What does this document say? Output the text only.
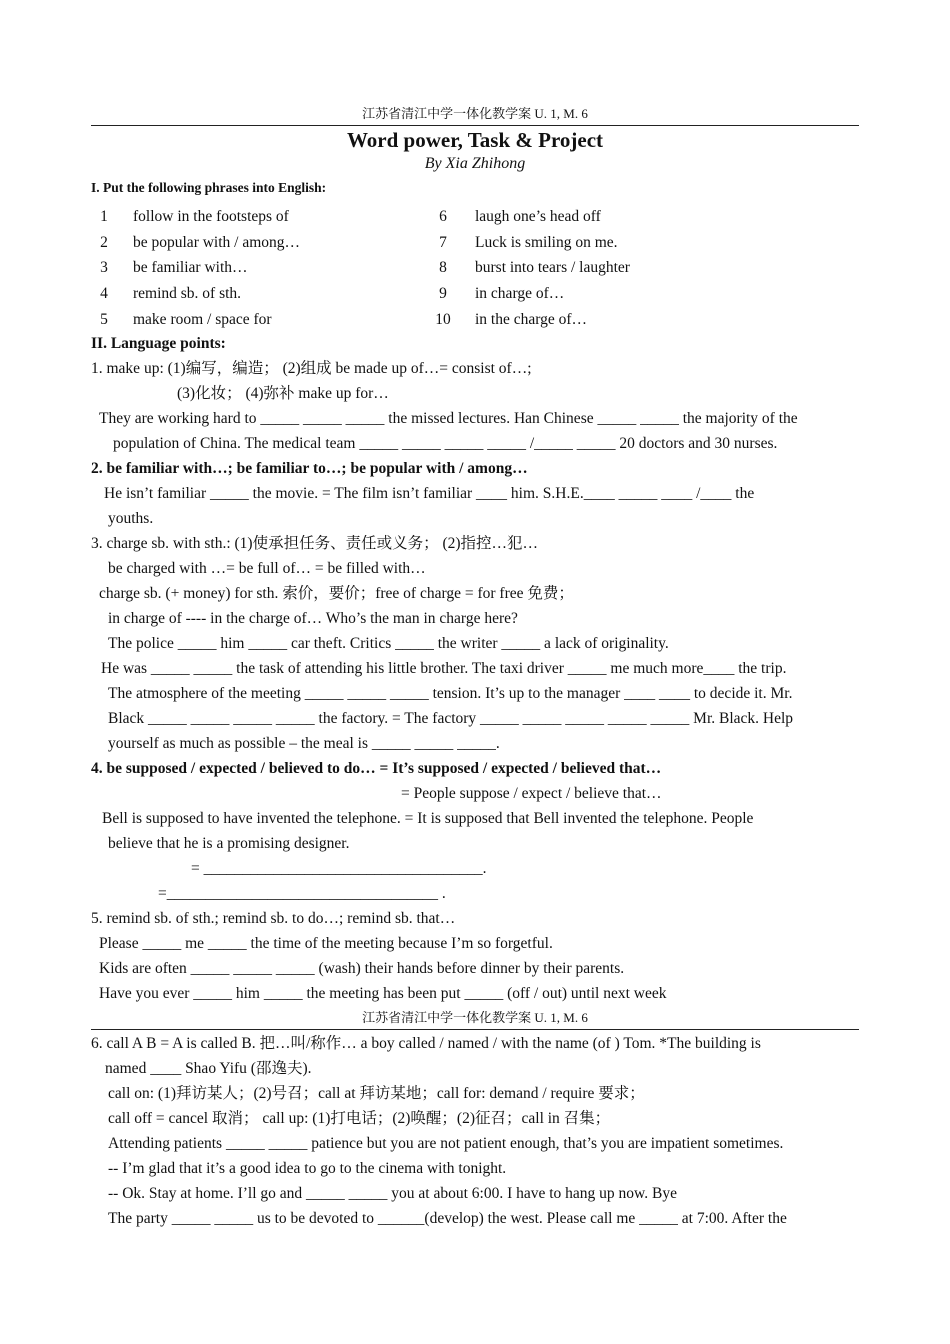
江苏省清江中学一体化教学案 U. 1, M. 6
Word power, Task & Project
By Xia Zhihong
I. Put the following phrases into English:
1	follow in the footsteps of	6	laugh one’s head off
2	be popular with / among…	7	Luck is smiling on me.
3	be familiar with…	8	burst into tears / laughter
4	remind sb. of sth.	9	in charge of…
5	make room / space for	10	in the charge of…
II. Language points:
1. make up: (1)编写，编造； (2)组成 be made up of…= consist of…;
(3)化妆； (4)弥补 make up for…
They are working hard to _____ _____ _____ the missed lectures. Han Chinese _____ _____ the majority of the
population of China. The medical team _____ _____ _____ _____ /_____ _____ 20 doctors and 30 nurses.
2. be familiar with…; be familiar to…; be popular with / among…
He isn’t familiar _____ the movie. = The film isn’t familiar ____ him. S.H.E.____ _____ ____ /____ the
youths.
3. charge sb. with sth.: (1)使承担任务、责任或义务； (2)指控…犯…
be charged with …= be full of… = be filled with…
charge sb. (+ money) for sth. 索价，要价；free of charge = for free 免费；
in charge of ---- in the charge of… Who’s the man in charge here?
The police _____ him _____ car theft. Critics _____ the writer _____ a lack of originality.
He was _____ _____ the task of attending his little brother. The taxi driver _____ me much more____ the trip.
The atmosphere of the meeting _____ _____ _____ tension. It’s up to the manager ____ ____ to decide it. Mr.
Black _____ _____ _____ _____ the factory. = The factory _____ _____ _____ _____ _____ Mr. Black. Help
yourself as much as possible – the meal is _____ _____ _____.
4. be supposed / expected / believed to do… = It’s supposed / expected / believed that…
= People suppose / expect / believe that…
Bell is supposed to have invented the telephone. = It is supposed that Bell invented the telephone. People
believe that he is a promising designer.
= ____________________________________.
=___________________________________ .
5. remind sb. of sth.; remind sb. to do…; remind sb. that…
Please _____ me _____ the time of the meeting because I’m so forgetful.
Kids are often _____ _____ _____ (wash) their hands before dinner by their parents.
Have you ever _____ him _____ the meeting has been put _____ (off / out) until next week
江苏省清江中学一体化教学案 U. 1, M. 6
6. call A B = A is called B. 把…叫/称作… a boy called / named / with the name (of ) Tom. *The building is
named ____ Shao Yifu (邵逸夫).
call on: (1)拜访某人；(2)号召；call at 拜访某地；call for: demand / require 要求；
call off = cancel 取消； call up: (1)打电话；(2)唤醒；(2)征召；call in 召集；
Attending patients _____ _____ patience but you are not patient enough, that’s you are impatient sometimes.
-- I’m glad that it’s a good idea to go to the cinema with tonight.
-- Ok. Stay at home. I’ll go and _____ _____ you at about 6:00. I have to hang up now. Bye
The party _____ _____ us to be devoted to ______(develop) the west. Please call me _____ at 7:00. After the
